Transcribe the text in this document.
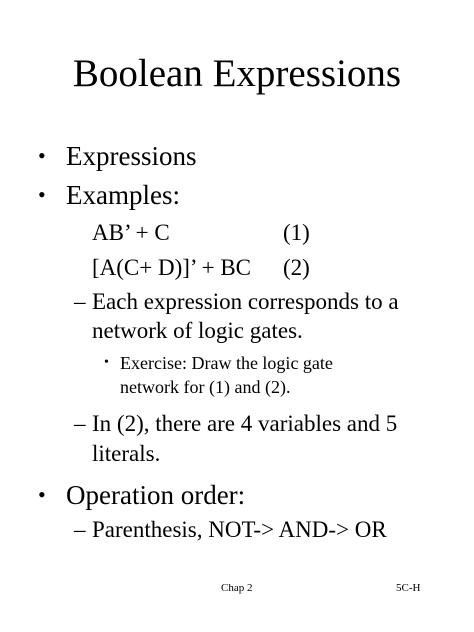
Boolean Expressions
• Expressions
• Examples:
AB’ + C	(1)
[A(C+ D)]’ + BC (2)
– Each expression corresponds to a
network of logic gates.
• Exercise: Draw the logic gate
network for (1) and (2).
– In (2), there are 4 variables and 5
literals.
• Operation order:
– Parenthesis, NOT-> AND-> OR
Chap 2	5C-H
